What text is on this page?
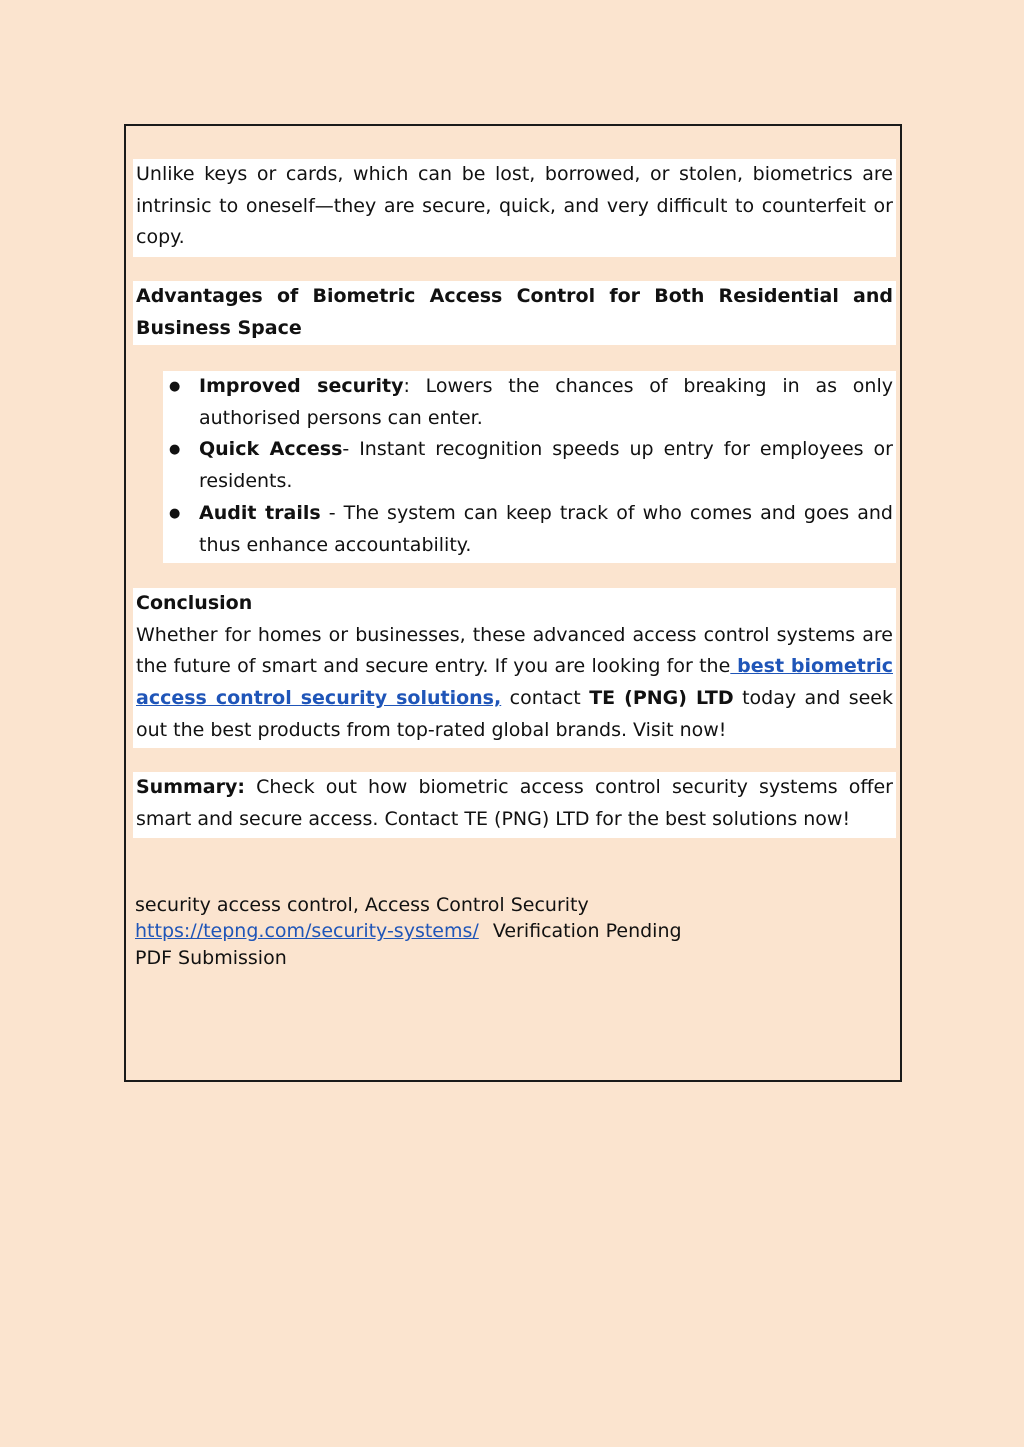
Unlike keys or cards, which can be lost, borrowed, or stolen, biometrics are intrinsic to oneself—they are secure, quick, and very difficult to counterfeit or copy.
Advantages of Biometric Access Control for Both Residential and Business Space
● Improved security: Lowers the chances of breaking in as only authorised persons can enter.
● Quick Access- Instant recognition speeds up entry for employees or residents.
● Audit trails - The system can keep track of who comes and goes and thus enhance accountability.
Conclusion
Whether for homes or businesses, these advanced access control systems are the future of smart and secure entry. If you are looking for the best biometric access control security solutions, contact TE (PNG) LTD today and seek out the best products from top-rated global brands. Visit now!
Summary: Check out how biometric access control security systems offer smart and secure access. Contact TE (PNG) LTD for the best solutions now!
security access control, Access Control Security
https://tepng.com/security-systems/ Verification Pending
PDF Submission
